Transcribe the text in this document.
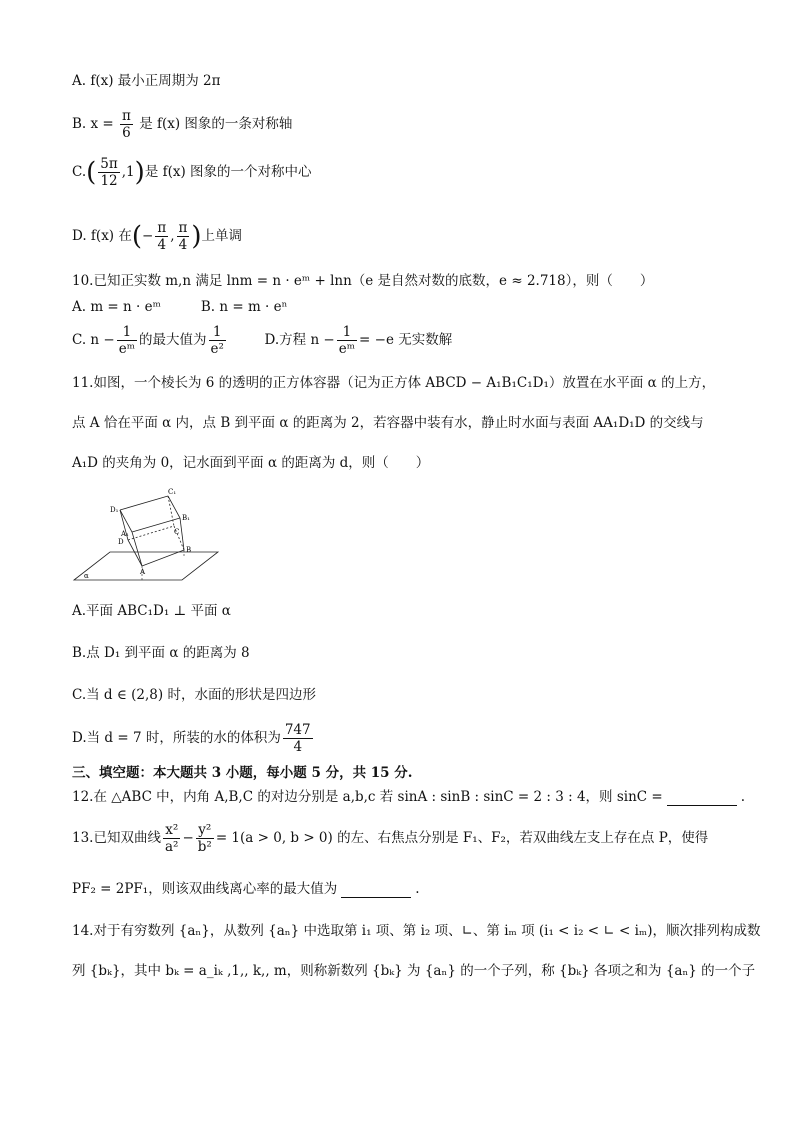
A. f(x) 最小正周期为 2π
B. $x = \frac{\pi}{6}$ 是 f(x) 图象的一条对称轴
$C.( \frac{5\pi}{12} ,1)$是 f(x) 图象的一个对称中心
D. f(x) 在(− $\frac{\pi}{4}$ , $\frac{\pi}{4}$ )上单调
10.已知正实数 m,n 满足 lnm = n · eᵐ + lnn（e 是自然对数的底数，e ≈ 2.718），则（　　）
A. m = n · eᵐ	B. n = m · eⁿ
C. $n - \frac{1}{\text{eᵐ}}$ 的最大值为 $\frac{1}{\text{e²}}$	D.方程 $n - \frac{1}{\text{eᵐ}} = -e$ 无实数解
11.如图，一个棱长为 6 的透明的正方体容器（记为正方体 ABCD − A₁B₁C₁D₁）放置在水平面 α 的上方，
点 A 恰在平面 α 内，点 B 到平面 α 的距离为 2，若容器中装有水，静止时水面与表面 AA₁D₁D 的交线与
A₁D 的夹角为 0，记水面到平面 α 的距离为 d，则（　　）
D₁
C₁
A₁
B₁
D
C
B
A
α
A.平面 ABC₁D₁ ⊥ 平面 α
B.点 D₁ 到平面 α 的距离为 8
C.当 d ∈ (2,8) 时，水面的形状是四边形
D.当 d = 7 时，所装的水的体积为 $\frac{747}{4}$
三、填空题：本大题共 3 小题，每小题 5 分，共 15 分.
12.在 △ABC 中，内角 A,B,C 的对边分别是 a,b,c 若 sinA : sinB : sinC = 2 : 3 : 4，则 sinC =	.
13.已知双曲线 $\frac{\text{x²}}{\text{a²}} - \frac{\text{y²}}{\text{b²}} = 1(a > 0$, b > 0) 的左、右焦点分别是 F₁、F₂，若双曲线左支上存在点 P，使得
PF₂ = 2PF₁，则该双曲线离心率的最大值为	.
14.对于有穷数列 {aₙ}，从数列 {aₙ} 中选取第 i₁ 项、第 i₂ 项、∟、第 iₘ 项 (i₁ < i₂ < ∟ < iₘ)，顺次排列构成数
列 {bₖ}，其中 bₖ = a_iₖ ,1,, k,, m，则称新数列 {bₖ} 为 {aₙ} 的一个子列，称 {bₖ} 各项之和为 {aₙ} 的一个子
